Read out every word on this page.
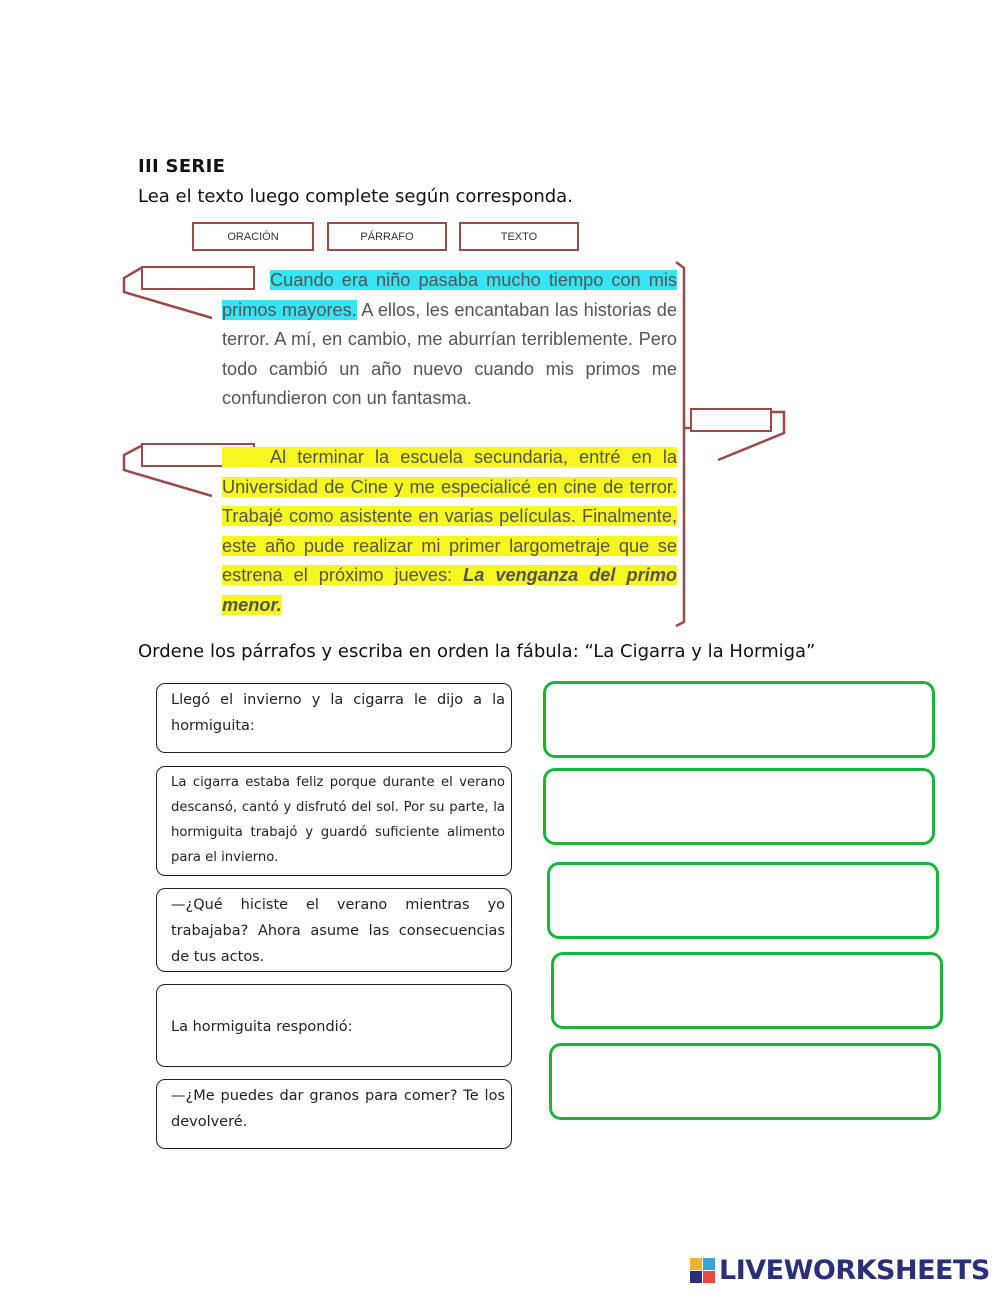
III SERIE
Lea el texto luego complete según corresponda.
ORACIÓN	PÁRRAFO	TEXTO
Cuando era niño pasaba mucho tiempo con mis primos mayores. A ellos, les encantaban las historias de terror. A mí, en cambio, me aburrían terriblemente. Pero todo cambió un año nuevo cuando mis primos me confundieron con un fantasma.
Al terminar la escuela secundaria, entré en la Universidad de Cine y me especialicé en cine de terror. Trabajé como asistente en varias películas. Finalmente, este año pude realizar mi primer largometraje que se estrena el próximo jueves: La venganza del primo menor.
Ordene los párrafos y escriba en orden la fábula: “La Cigarra y la Hormiga”
Llegó el invierno y la cigarra le dijo a la hormiguita:
La cigarra estaba feliz porque durante el verano descansó, cantó y disfrutó del sol. Por su parte, la hormiguita trabajó y guardó suficiente alimento para el invierno.
—¿Qué hiciste el verano mientras yo trabajaba? Ahora asume las consecuencias de tus actos.
La hormiguita respondió:
—¿Me puedes dar granos para comer? Te los devolveré.
LIVEWORKSHEETS
